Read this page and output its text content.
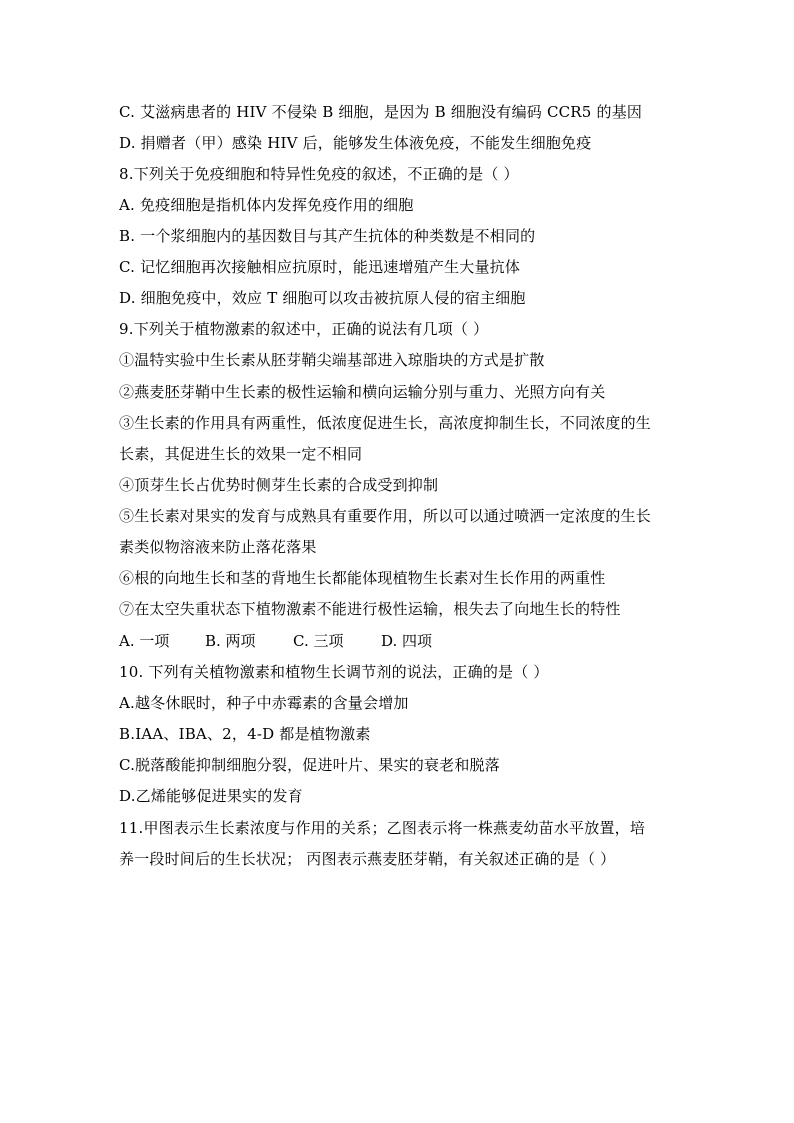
C. 艾滋病患者的 HIV 不侵染 B 细胞，是因为 B 细胞没有编码 CCR5 的基因
D. 捐赠者（甲）感染 HIV 后，能够发生体液免疫，不能发生细胞免疫
8.下列关于免疫细胞和特异性免疫的叙述，不正确的是（ ）
A. 免疫细胞是指机体内发挥免疫作用的细胞
B. 一个浆细胞内的基因数目与其产生抗体的种类数是不相同的
C. 记忆细胞再次接触相应抗原时，能迅速增殖产生大量抗体
D. 细胞免疫中，效应 T 细胞可以攻击被抗原人侵的宿主细胞
9.下列关于植物激素的叙述中，正确的说法有几项（ ）
①温特实验中生长素从胚芽鞘尖端基部进入琼脂块的方式是扩散
②燕麦胚芽鞘中生长素的极性运输和横向运输分别与重力、光照方向有关
③生长素的作用具有两重性，低浓度促进生长，高浓度抑制生长，不同浓度的生
长素，其促进生长的效果一定不相同
④顶芽生长占优势时侧芽生长素的合成受到抑制
⑤生长素对果实的发育与成熟具有重要作用，所以可以通过喷洒一定浓度的生长
素类似物溶液来防止落花落果
⑥根的向地生长和茎的背地生长都能体现植物生长素对生长作用的两重性
⑦在太空失重状态下植物激素不能进行极性运输，根失去了向地生长的特性
A. 一项 B. 两项 C. 三项	D. 四项
10. 下列有关植物激素和植物生长调节剂的说法，正确的是（ ）
A.越冬休眠时，种子中赤霉素的含量会增加
B.IAA、IBA、2，4-D 都是植物激素
C.脱落酸能抑制细胞分裂，促进叶片、果实的衰老和脱落
D.乙烯能够促进果实的发育
11.甲图表示生长素浓度与作用的关系；乙图表示将一株燕麦幼苗水平放置，培
养一段时间后的生长状况； 丙图表示燕麦胚芽鞘，有关叙述正确的是（ ）
